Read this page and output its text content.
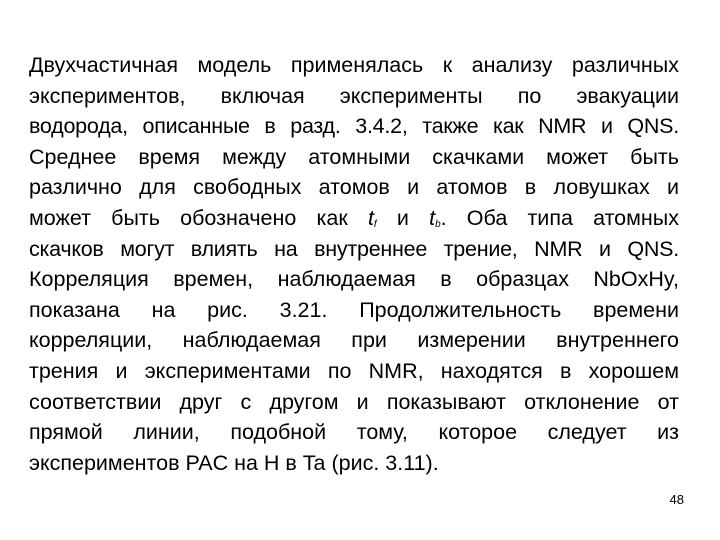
Двухчастичная модель применялась к анализу различных
экспериментов, включая эксперименты по эвакуации
водорода, описанные в разд. 3.4.2, также как NMR и QNS.
Среднее время между атомными скачками может быть
различно для свободных атомов и атомов в ловушках и
может быть обозначено как $t_f$ и $t_b$. Оба типа атомных
скачков могут влиять на внутреннее трение, NMR и QNS.
Корреляция времен, наблюдаемая в образцах NbOxHy,
показана на рис. 3.21. Продолжительность времени
корреляции, наблюдаемая при измерении внутреннего
трения и экспериментами по NMR, находятся в хорошем
соответствии друг с другом и показывают отклонение от
прямой линии, подобной тому, которое следует из
экспериментов PAC на H в Ta (рис. 3.11).
48
